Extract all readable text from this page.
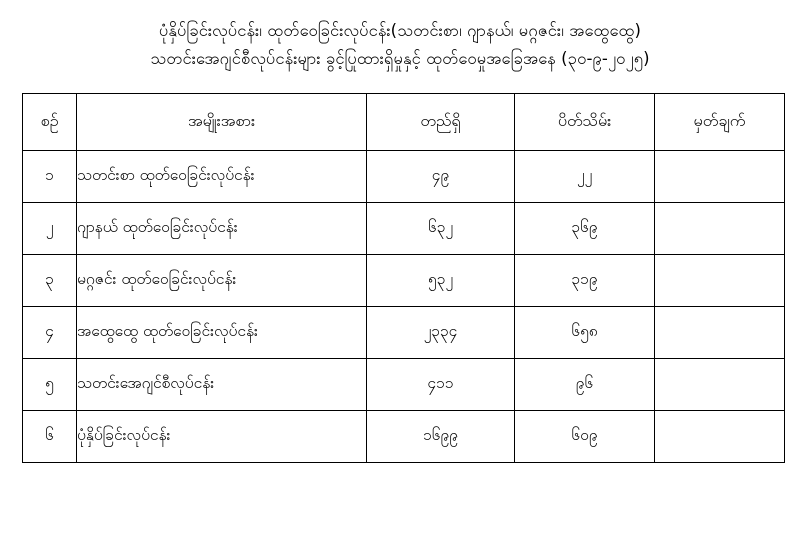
ပုံနှိပ်ခြင်းလုပ်ငန်း၊ ထုတ်ဝေခြင်းလုပ်ငန်း(သတင်းစာ၊ ဂျာနယ်၊ မဂ္ဂဇင်း၊ အထွေထွေ)
သတင်းအေဂျင်စီလုပ်ငန်းများ ခွင့်ပြုထားရှိမှုနှင့် ထုတ်ဝေမှုအခြေအနေ (၃၀-၉-၂၀၂၅)
စဉ်	အမျိုးအစား	တည်ရှိ	ပိတ်သိမ်း	မှတ်ချက်
၁	သတင်းစာ ထုတ်ဝေခြင်းလုပ်ငန်း	၄၉	၂၂	
၂	ဂျာနယ် ထုတ်ဝေခြင်းလုပ်ငန်း	၆၃၂	၃၆၉	
၃	မဂ္ဂဇင်း ထုတ်ဝေခြင်းလုပ်ငန်း	၅၃၂	၃၁၉	
၄	အထွေထွေ ထုတ်ဝေခြင်းလုပ်ငန်း	၂၃၃၄	၆၅၈	
၅	သတင်းအေဂျင်စီလုပ်ငန်း	၄၁၁	၉၆	
၆	ပုံနှိပ်ခြင်းလုပ်ငန်း	၁၆၉၉	၆၀၉	
